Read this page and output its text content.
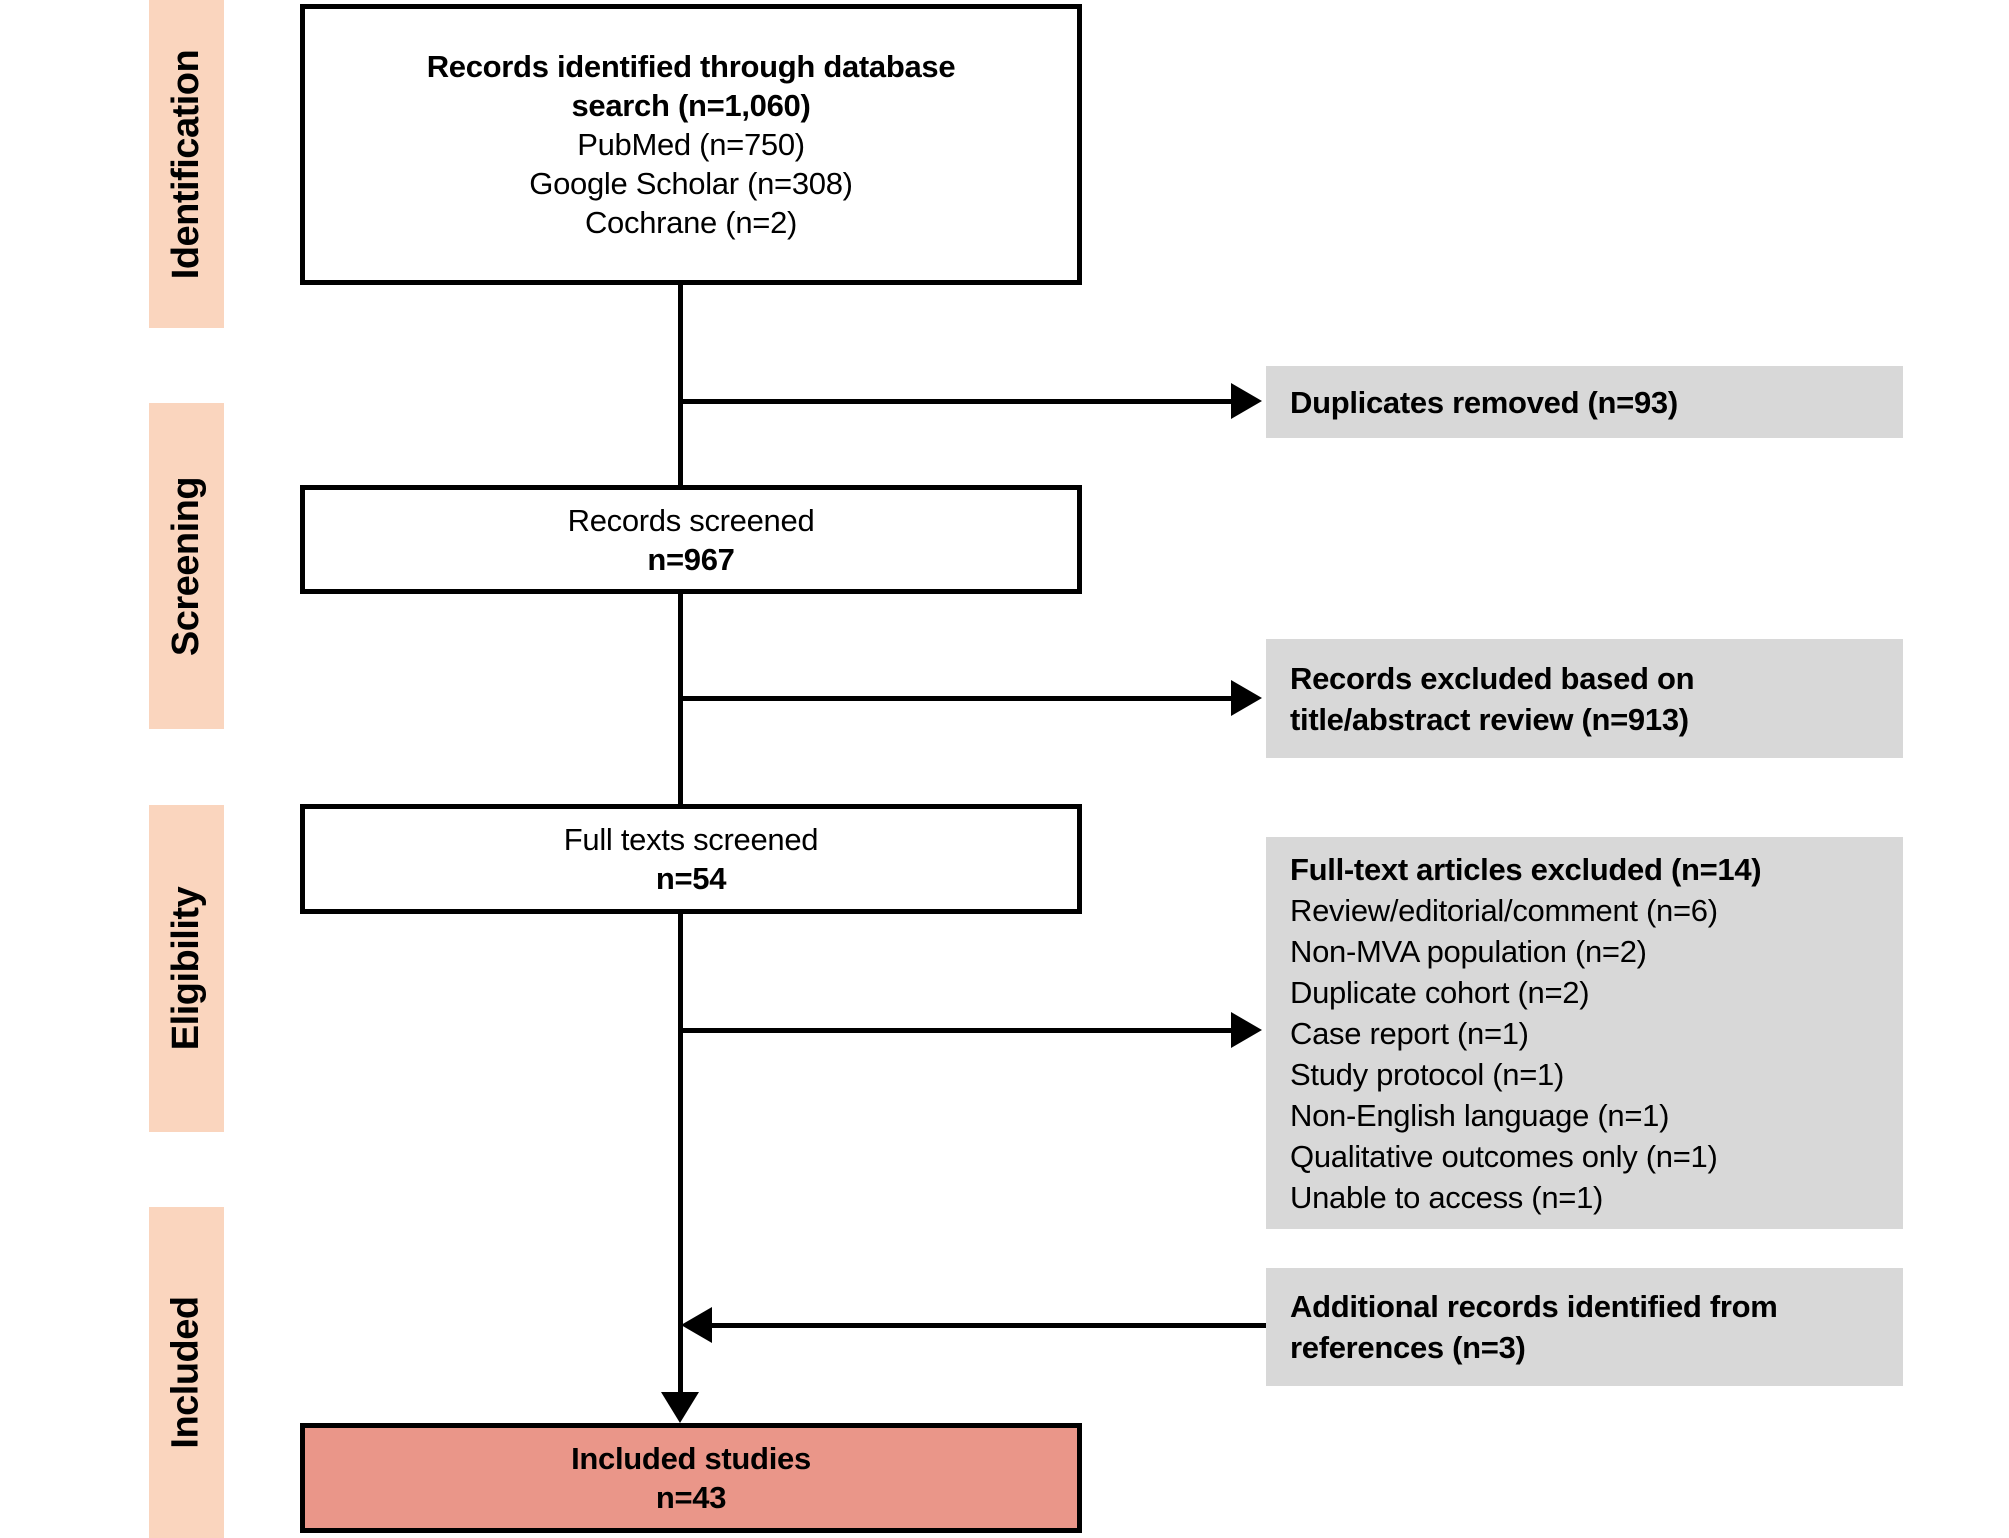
Identification
Screening
Eligibility
Included
Records identified through database
search (n=1,060)
PubMed (n=750)
Google Scholar (n=308)
Cochrane (n=2)
Records screened
n=967
Full texts screened
n=54
Included studies
n=43
Duplicates removed (n=93)
Records excluded based on
title/abstract review (n=913)
Full-text articles excluded (n=14)
Review/editorial/comment (n=6)
Non-MVA population (n=2)
Duplicate cohort (n=2)
Case report (n=1)
Study protocol (n=1)
Non-English language (n=1)
Qualitative outcomes only (n=1)
Unable to access (n=1)
Additional records identified from
references (n=3)
